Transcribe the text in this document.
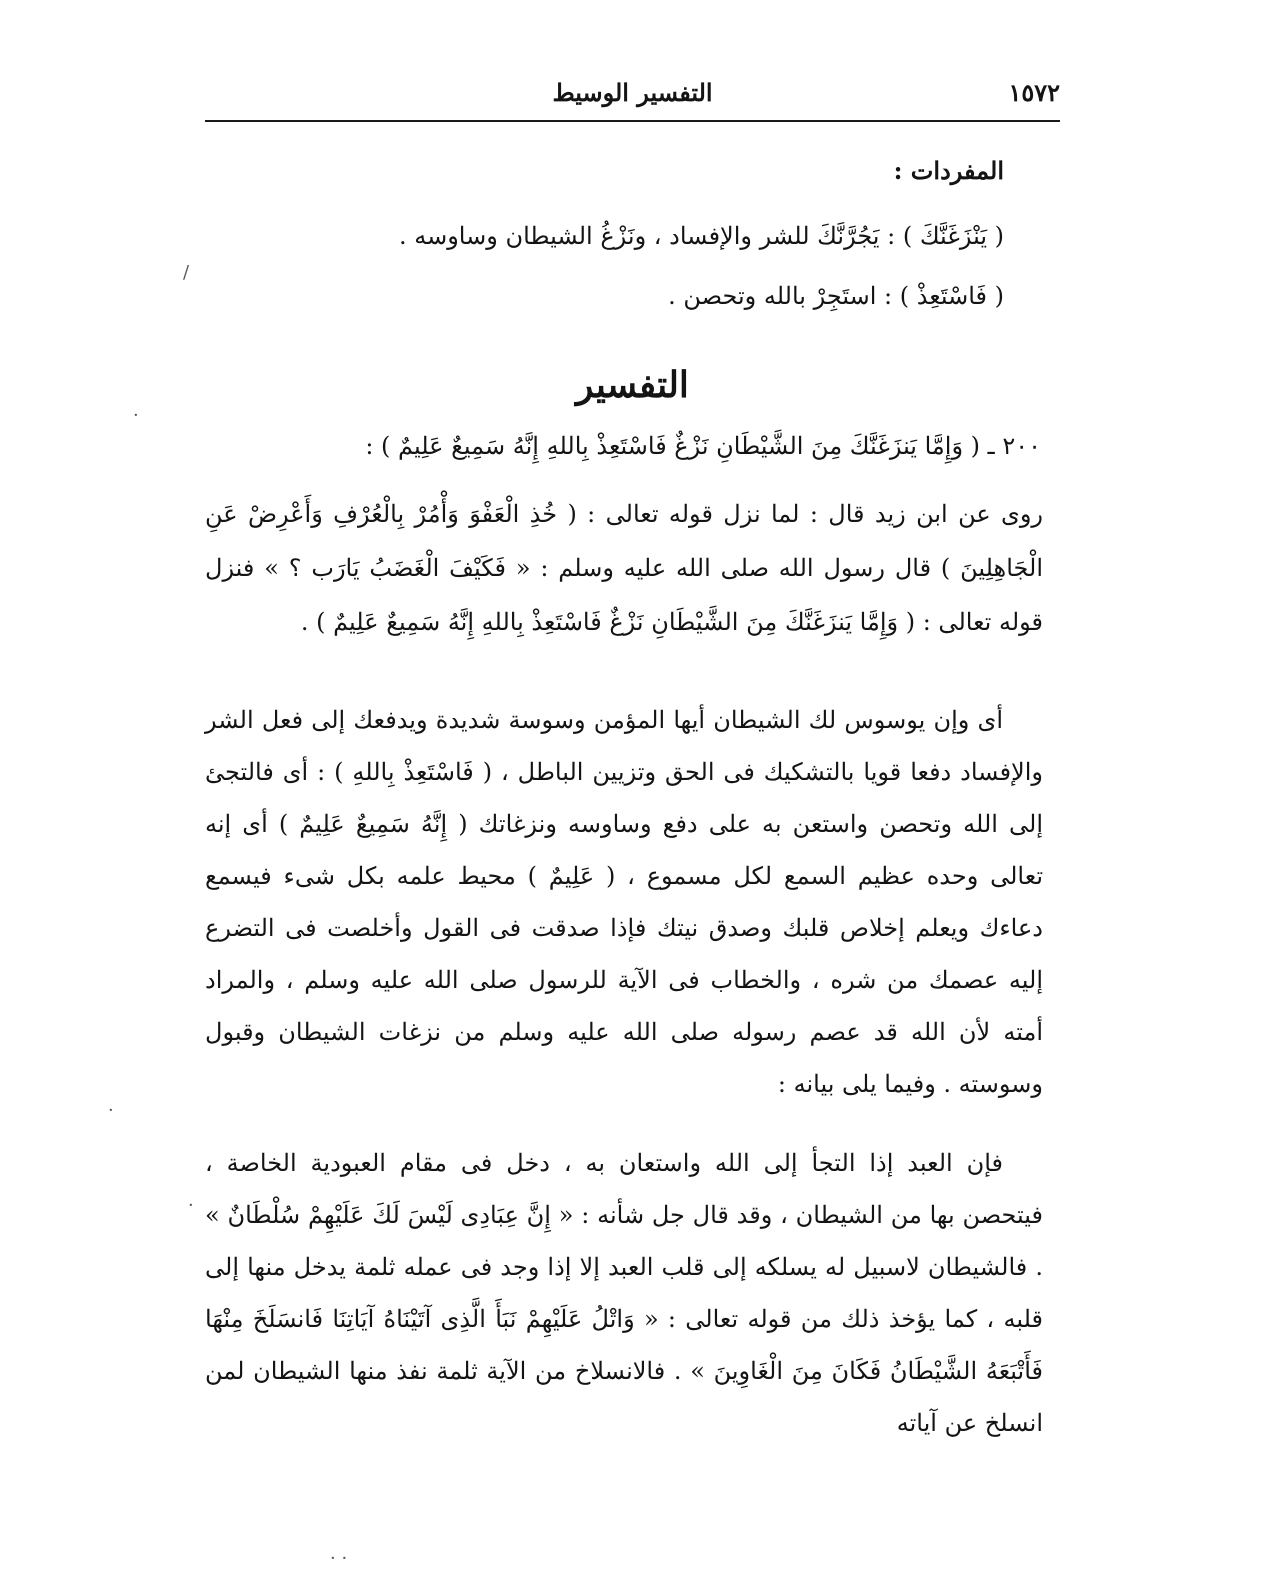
١٥٧٢
التفسير الوسيط
المفردات :
( يَنْزَغَنَّكَ ) : يَجُرَّنَّكَ للشر والإفساد ، ونَزْغُ الشيطان وساوسه .
( فَاسْتَعِذْ ) : استَجِرْ بالله وتحصن .
التفسير
٢٠٠ ـ ( وَإِمَّا يَنزَغَنَّكَ مِنَ الشَّيْطَانِ نَزْغٌ فَاسْتَعِذْ بِاللهِ إِنَّهُ سَمِيعٌ عَلِيمٌ ) :
روى عن ابن زيد قال : لما نزل قوله تعالى : ( خُذِ الْعَفْوَ وَأْمُرْ بِالْعُرْفِ وَأَعْرِضْ عَنِ الْجَاهِلِينَ ) قال رسول الله صلى الله عليه وسلم : « فَكَيْفَ الْغَضَبُ يَارَب ؟ » فنزل قوله تعالى : ( وَإِمَّا يَنزَغَنَّكَ مِنَ الشَّيْطَانِ نَزْغٌ فَاسْتَعِذْ بِاللهِ إِنَّهُ سَمِيعٌ عَلِيمٌ ) .
أى وإن يوسوس لك الشيطان أيها المؤمن وسوسة شديدة ويدفعك إلى فعل الشر والإفساد دفعا قويا بالتشكيك فى الحق وتزيين الباطل ، ( فَاسْتَعِذْ بِاللهِ ) : أى فالتجئ إلى الله وتحصن واستعن به على دفع وساوسه ونزغاتك ( إِنَّهُ سَمِيعٌ عَلِيمٌ ) أى إنه تعالى وحده عظيم السمع لكل مسموع ، ( عَلِيمٌ ) محيط علمه بكل شىء فيسمع دعاءك ويعلم إخلاص قلبك وصدق نيتك فإذا صدقت فى القول وأخلصت فى التضرع إليه عصمك من شره ، والخطاب فى الآية للرسول صلى الله عليه وسلم ، والمراد أمته لأن الله قد عصم رسوله صلى الله عليه وسلم من نزغات الشيطان وقبول وسوسته . وفيما يلى بيانه :
فإن العبد إذا التجأ إلى الله واستعان به ، دخل فى مقام العبودية الخاصة ، فيتحصن بها من الشيطان ، وقد قال جل شأنه : « إِنَّ عِبَادِى لَيْسَ لَكَ عَلَيْهِمْ سُلْطَانٌ » . فالشيطان لاسبيل له يسلكه إلى قلب العبد إلا إذا وجد فى عمله ثلمة يدخل منها إلى قلبه ، كما يؤخذ ذلك من قوله تعالى : « وَاتْلُ عَلَيْهِمْ نَبَأَ الَّذِى آتَيْنَاهُ آيَاتِنَا فَانسَلَخَ مِنْهَا فَأَتْبَعَهُ الشَّيْطَانُ فَكَانَ مِنَ الْغَاوِينَ » . فالانسلاخ من الآية ثلمة نفذ منها الشيطان لمن انسلخ عن آياته
/
·
·
·
· ·
